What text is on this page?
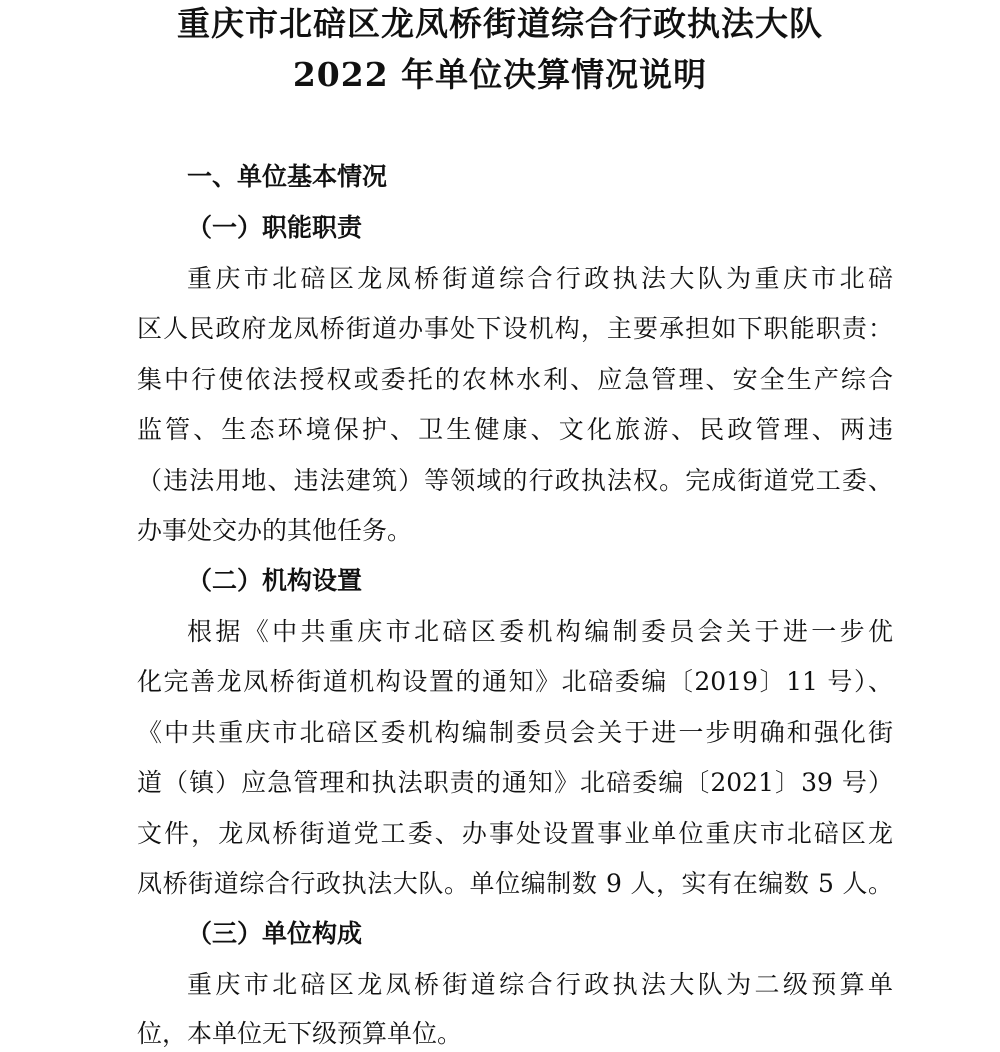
重庆市北碚区龙凤桥街道综合行政执法大队
2022 年单位决算情况说明
一、单位基本情况
（一）职能职责
重庆市北碚区龙凤桥街道综合行政执法大队为重庆市北碚
区人民政府龙凤桥街道办事处下设机构，主要承担如下职能职责：
集中行使依法授权或委托的农林水利、应急管理、安全生产综合
监管、生态环境保护、卫生健康、文化旅游、民政管理、两违
（违法用地、违法建筑）等领域的行政执法权。完成街道党工委、
办事处交办的其他任务。
（二）机构设置
根据《中共重庆市北碚区委机构编制委员会关于进一步优
化完善龙凤桥街道机构设置的通知》北碚委编〔2019〕11 号）、
《中共重庆市北碚区委机构编制委员会关于进一步明确和强化街
道（镇）应急管理和执法职责的通知》北碚委编〔2021〕39 号）
文件，龙凤桥街道党工委、办事处设置事业单位重庆市北碚区龙
凤桥街道综合行政执法大队。单位编制数 9 人，实有在编数 5 人。
（三）单位构成
重庆市北碚区龙凤桥街道综合行政执法大队为二级预算单
位，本单位无下级预算单位。
